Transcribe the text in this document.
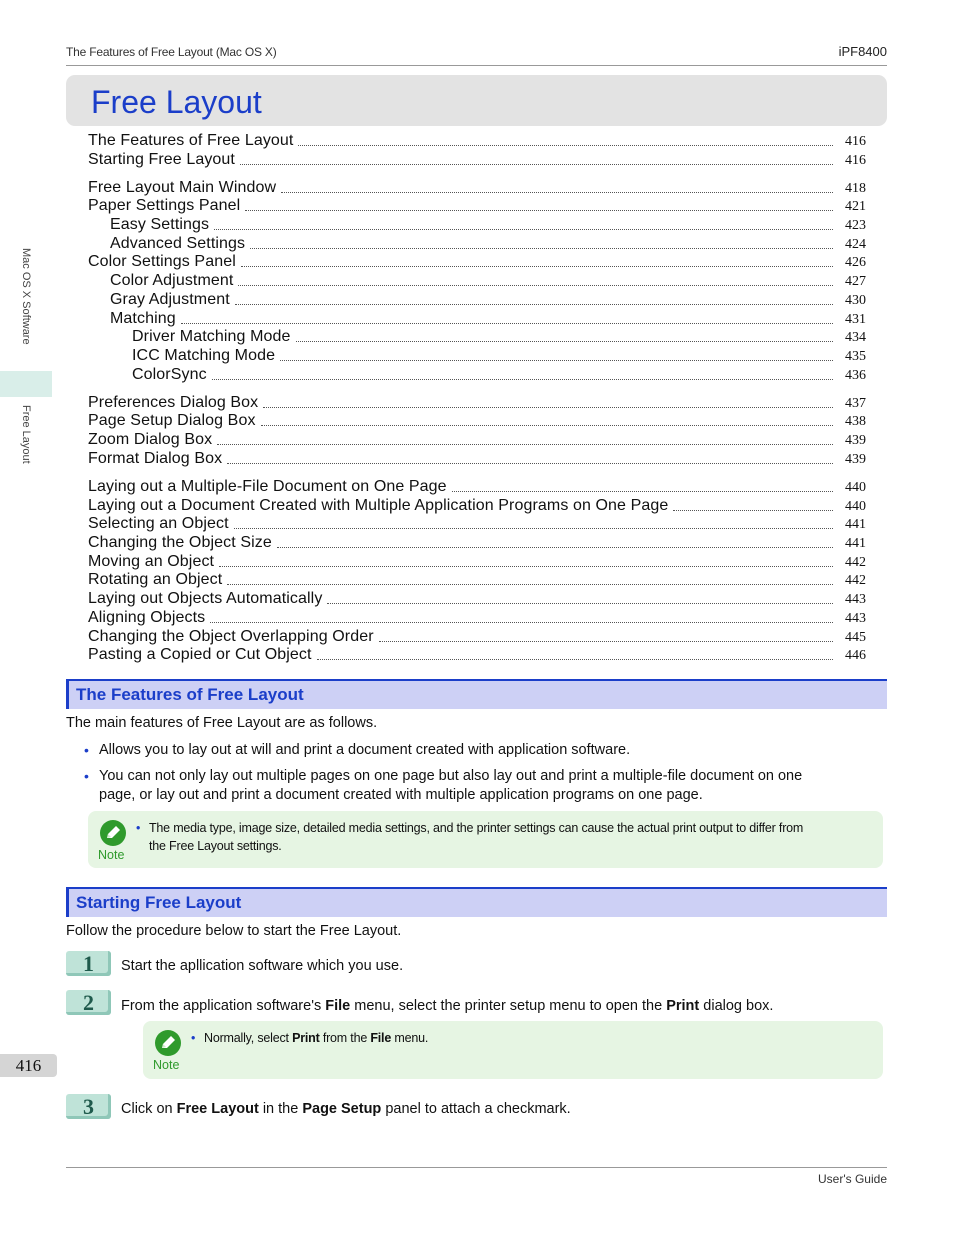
The Features of Free Layout (Mac OS X)	iPF8400
Mac OS X Software
Free Layout
416
Free Layout
The Features of Free Layout	416
Starting Free Layout	416
Free Layout Main Window	418
Paper Settings Panel	421
Easy Settings	423
Advanced Settings	424
Color Settings Panel	426
Color Adjustment	427
Gray Adjustment	430
Matching	431
Driver Matching Mode	434
ICC Matching Mode	435
ColorSync	436
Preferences Dialog Box	437
Page Setup Dialog Box	438
Zoom Dialog Box	439
Format Dialog Box	439
Laying out a Multiple-File Document on One Page	440
Laying out a Document Created with Multiple Application Programs on One Page	440
Selecting an Object	441
Changing the Object Size	441
Moving an Object	442
Rotating an Object	442
Laying out Objects Automatically	443
Aligning Objects	443
Changing the Object Overlapping Order	445
Pasting a Copied or Cut Object	446
The Features of Free Layout
The main features of Free Layout are as follows.
• Allows you to lay out at will and print a document created with application software.
• You can not only lay out multiple pages on one page but also lay out and print a multiple-file document on one
page, or lay out and print a document created with multiple application programs on one page.
Note
• The media type, image size, detailed media settings, and the printer settings can cause the actual print output to differ from
the Free Layout settings.
Starting Free Layout
Follow the procedure below to start the Free Layout.
1	Start the apllication software which you use.
2	From the application software's File menu, select the printer setup menu to open the Print dialog box.
Note
• Normally, select Print from the File menu.
3	Click on Free Layout in the Page Setup panel to attach a checkmark.
User's Guide
